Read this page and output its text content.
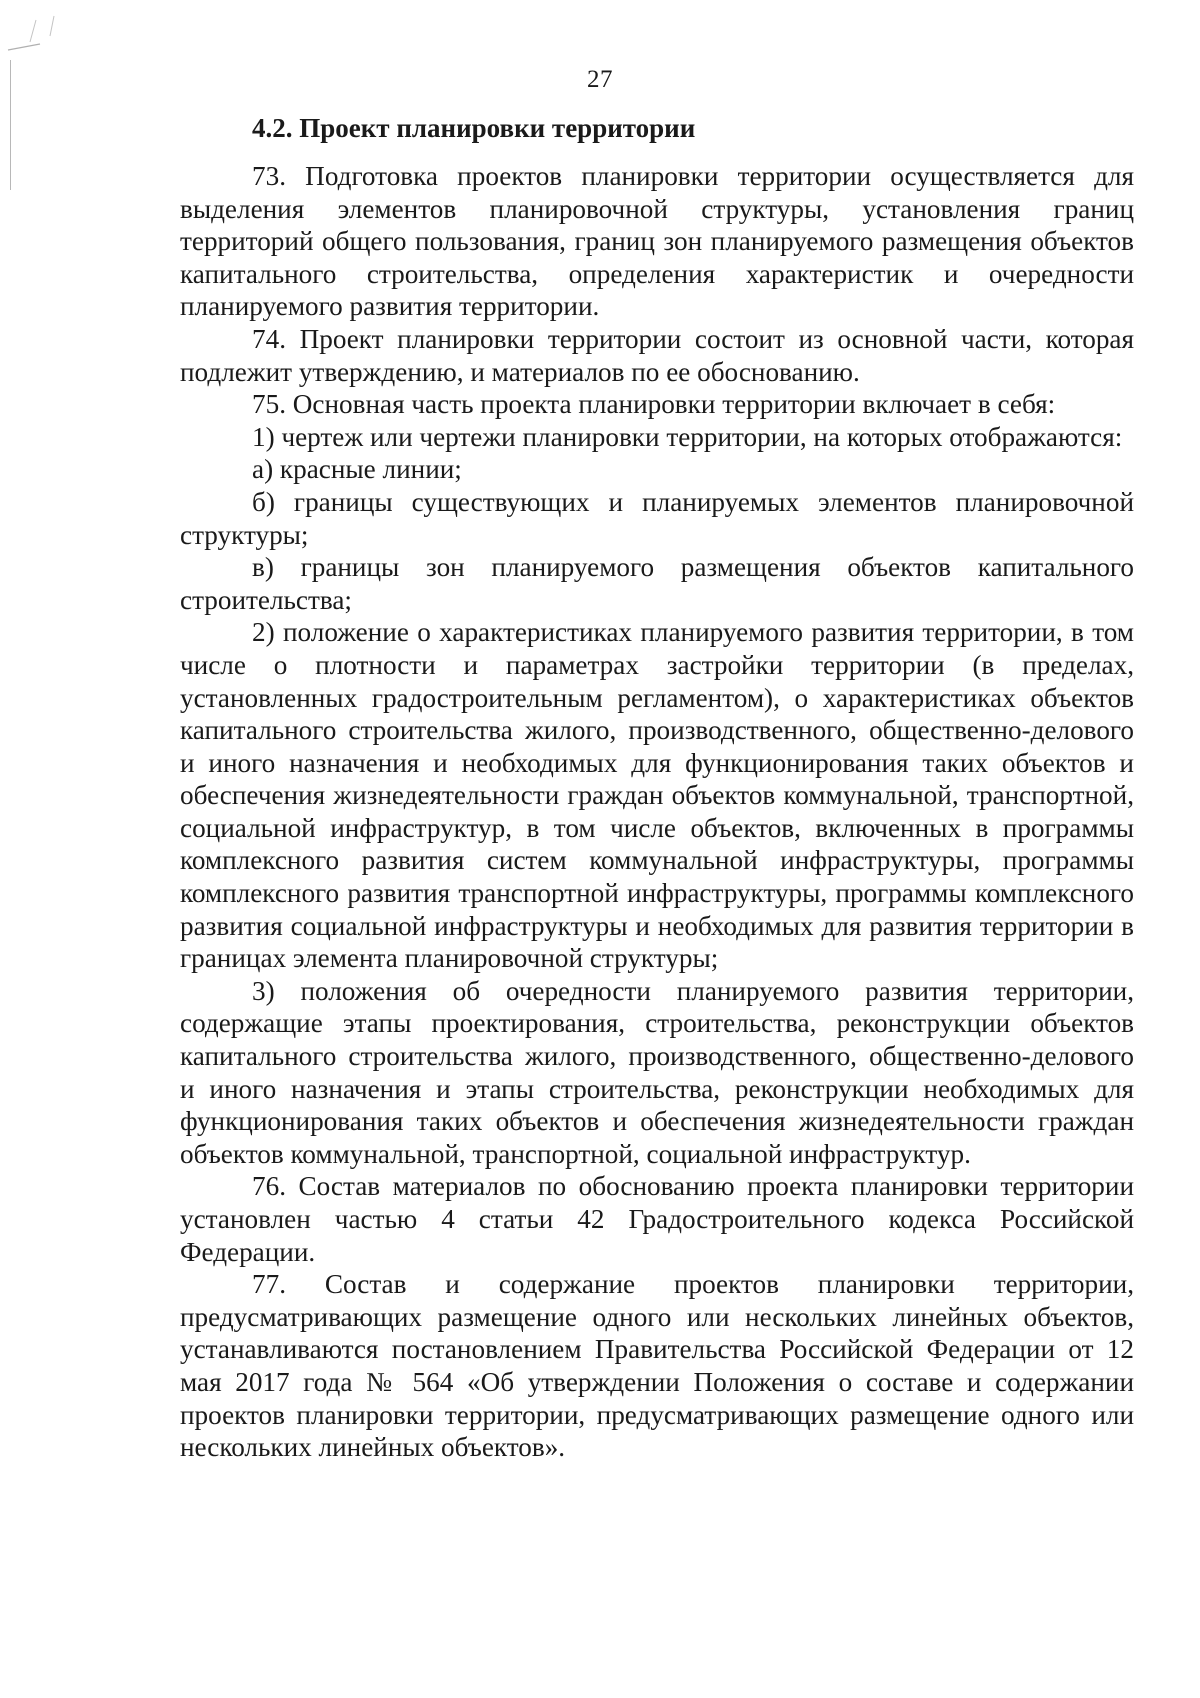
27
4.2. Проект планировки территории

73. Подготовка проектов планировки территории осуществляется для выделения элементов планировочной структуры, установления границ территорий общего пользования, границ зон планируемого размещения объектов капитального строительства, определения характеристик и очередности планируемого развития территории.

74. Проект планировки территории состоит из основной части, которая подлежит утверждению, и материалов по ее обоснованию.

75. Основная часть проекта планировки территории включает в себя:

1) чертеж или чертежи планировки территории, на которых отображаются:

а) красные линии;

б) границы существующих и планируемых элементов планировочной структуры;

в) границы зон планируемого размещения объектов капитального строительства;

2) положение о характеристиках планируемого развития территории, в том числе о плотности и параметрах застройки территории (в пределах, установленных градостроительным регламентом), о характеристиках объектов капитального строительства жилого, производственного, общественно-делового и иного назначения и необходимых для функционирования таких объектов и обеспечения жизнедеятельности граждан объектов коммунальной, транспортной, социальной инфраструктур, в том числе объектов, включенных в программы комплексного развития систем коммунальной инфраструктуры, программы комплексного развития транспортной инфраструктуры, программы комплексного развития социальной инфраструктуры и необходимых для развития территории в границах элемента планировочной структуры;

3) положения об очередности планируемого развития территории, содержащие этапы проектирования, строительства, реконструкции объектов капитального строительства жилого, производственного, общественно-делового и иного назначения и этапы строительства, реконструкции необходимых для функционирования таких объектов и обеспечения жизнедеятельности граждан объектов коммунальной, транспортной, социальной инфраструктур.

76. Состав материалов по обоснованию проекта планировки территории установлен частью 4 статьи 42 Градостроительного кодекса Российской Федерации.

77. Состав и содержание проектов планировки территории, предусматривающих размещение одного или нескольких линейных объектов, устанавливаются постановлением Правительства Российской Федерации от 12 мая 2017 года № 564 «Об утверждении Положения о составе и содержании проектов планировки территории, предусматривающих размещение одного или нескольких линейных объектов».
